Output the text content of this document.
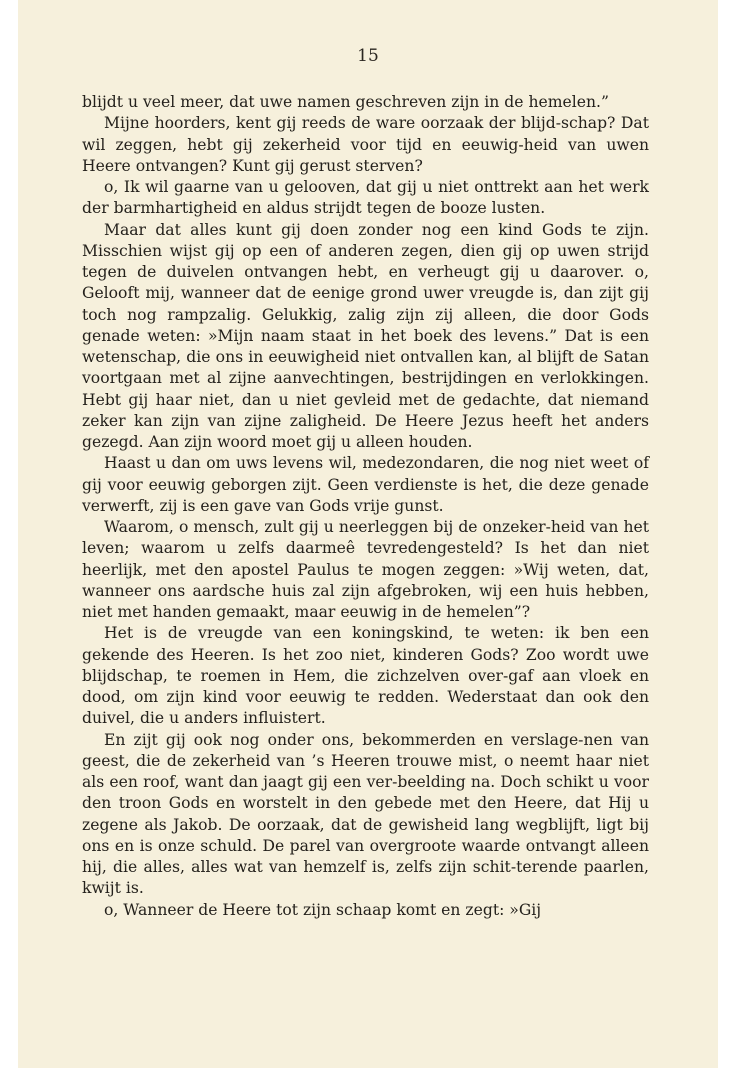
15

blijdt u veel meer, dat uwe namen geschreven zijn in de hemelen.”

Mijne hoorders, kent gij reeds de ware oorzaak der blijd-schap? Dat wil zeggen, hebt gij zekerheid voor tijd en eeuwig-heid van uwen Heere ontvangen? Kunt gij gerust sterven?

o, Ik wil gaarne van u gelooven, dat gij u niet onttrekt aan het werk der barmhartigheid en aldus strijdt tegen de booze lusten.

Maar dat alles kunt gij doen zonder nog een kind Gods te zijn. Misschien wijst gij op een of anderen zegen, dien gij op uwen strijd tegen de duivelen ontvangen hebt, en verheugt gij u daarover. o, Gelooft mij, wanneer dat de eenige grond uwer vreugde is, dan zijt gij toch nog rampzalig. Gelukkig, zalig zijn zij alleen, die door Gods genade weten: »Mijn naam staat in het boek des levens.” Dat is een wetenschap, die ons in eeuwigheid niet ontvallen kan, al blijft de Satan voortgaan met al zijne aanvechtingen, bestrijdingen en verlokkingen. Hebt gij haar niet, dan u niet gevleid met de gedachte, dat niemand zeker kan zijn van zijne zaligheid. De Heere Jezus heeft het anders gezegd. Aan zijn woord moet gij u alleen houden.

Haast u dan om uws levens wil, medezondaren, die nog niet weet of gij voor eeuwig geborgen zijt. Geen verdienste is het, die deze genade verwerft, zij is een gave van Gods vrije gunst.

Waarom, o mensch, zult gij u neerleggen bij de onzeker-heid van het leven; waarom u zelfs daarmeê tevredengesteld? Is het dan niet heerlijk, met den apostel Paulus te mogen zeggen: »Wij weten, dat, wanneer ons aardsche huis zal zijn afgebroken, wij een huis hebben, niet met handen gemaakt, maar eeuwig in de hemelen”?

Het is de vreugde van een koningskind, te weten: ik ben een gekende des Heeren. Is het zoo niet, kinderen Gods? Zoo wordt uwe blijdschap, te roemen in Hem, die zichzelven over-gaf aan vloek en dood, om zijn kind voor eeuwig te redden. Wederstaat dan ook den duivel, die u anders influistert.

En zijt gij ook nog onder ons, bekommerden en verslage-nen van geest, die de zekerheid van ’s Heeren trouwe mist, o neemt haar niet als een roof, want dan jaagt gij een ver-beelding na. Doch schikt u voor den troon Gods en worstelt in den gebede met den Heere, dat Hij u zegene als Jakob. De oorzaak, dat de gewisheid lang wegblijft, ligt bij ons en is onze schuld. De parel van overgroote waarde ontvangt alleen hij, die alles, alles wat van hemzelf is, zelfs zijn schit-terende paarlen, kwijt is.

o, Wanneer de Heere tot zijn schaap komt en zegt: »Gij
